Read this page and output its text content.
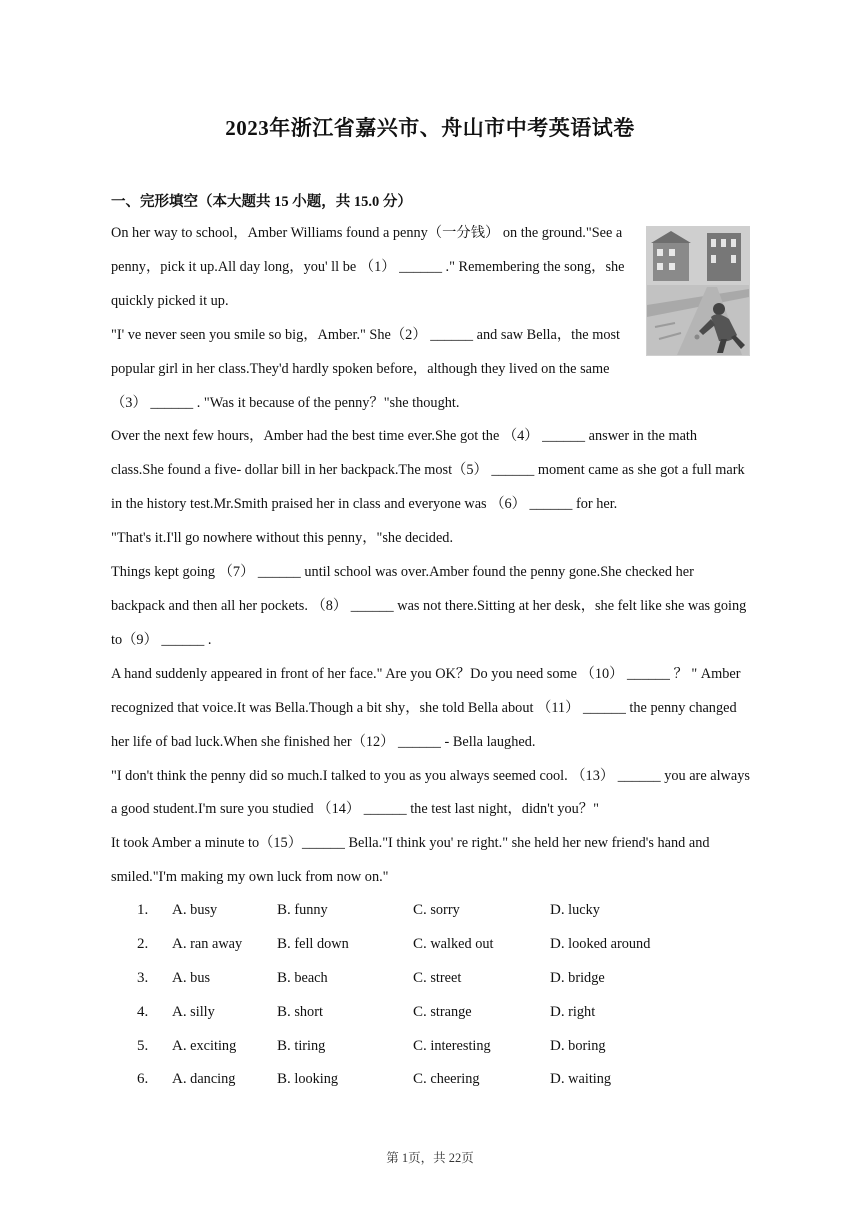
2023年浙江省嘉兴市、舟山市中考英语试卷
一、完形填空（本大题共 15 小题，共 15.0 分）

On her way to school，Amber Williams found a penny（一分钱） on the ground."See a penny，pick it up.All day long，you' ll be （1） ______ ." Remembering the song，she quickly picked it up.

"I' ve never seen you smile so big，Amber." She（2） ______ and saw Bella，the most popular girl in her class.They'd hardly spoken before，although they lived on the same （3） ______ . "Was it because of the penny？"she thought.

Over the next few hours，Amber had the best time ever.She got the （4） ______ answer in the math class.She found a five- dollar bill in her backpack.The most（5） ______ moment came as she got a full mark in the history test.Mr.Smith praised her in class and everyone was （6） ______ for her.

"That's it.I'll go nowhere without this penny，"she decided.

Things kept going （7） ______ until school was over.Amber found the penny gone.She checked her backpack and then all her pockets. （8） ______ was not there.Sitting at her desk，she felt like she was going to（9） ______ .

A hand suddenly appeared in front of her face." Are you OK？Do you need some （10） ______ ？ " Amber recognized that voice.It was Bella.Though a bit shy，she told Bella about （11） ______ the penny changed her life of bad luck.When she finished her（12） ______ - Bella laughed.

"I don't think the penny did so much.I talked to you as you always seemed cool. （13） ______ you are always a good student.I'm sure you studied （14） ______ the test last night，didn't you？"

It took Amber a minute to（15）______ Bella."I think you' re right." she held her new friend's hand and smiled."I'm making my own luck from now on."

1. A. busy	B. funny	C. sorry	D. lucky
2. A. ran away B. fell down	C. walked out	D. looked around
3. A. bus	B. beach	C. street	D. bridge
4. A. silly	B. short	C. strange	D. right
5. A. exciting	B. tiring	C. interesting	D. boring
6. A. dancing	B. looking	C. cheering	D. waiting
第 1页，共 22页
